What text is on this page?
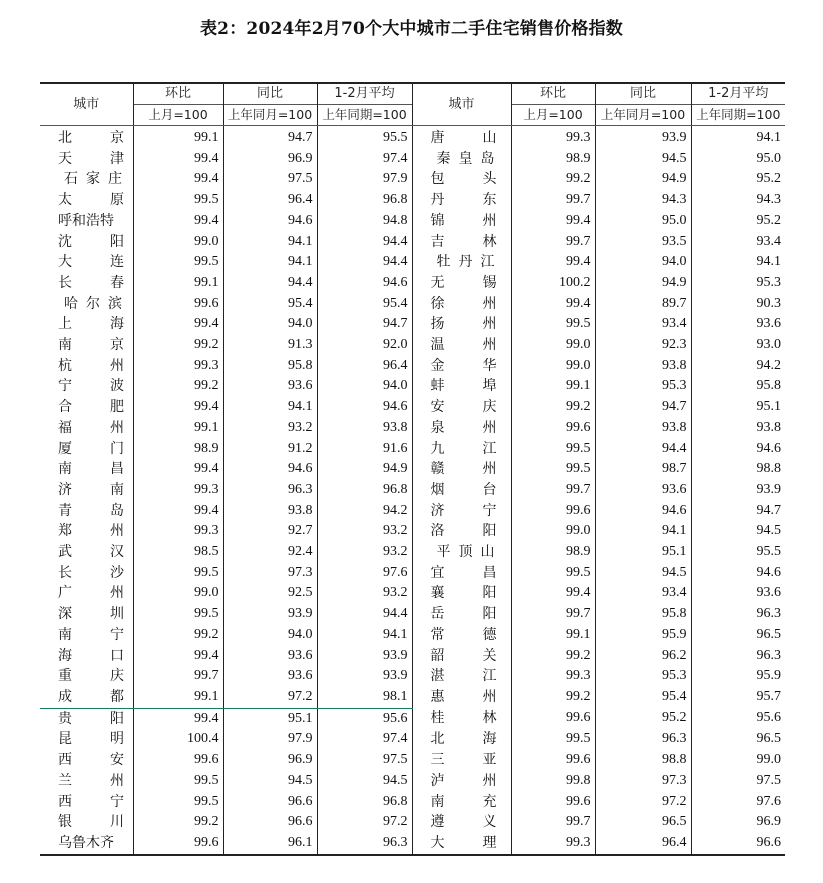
表2：2024年2月70个大中城市二手住宅销售价格指数
城市	环比	同比	1-2月平均	城市	环比	同比	1-2月平均
	上月=100	上年同月=100	上年同期=100		上月=100	上年同月=100	上年同期=100

北 京	99.1	94.7	95.5	唐 山	99.3	93.9	94.1

天 津	99.4	96.9	97.4	秦 皇 岛	98.9	94.5	95.0

石 家 庄	99.4	97.5	97.9	包 头	99.2	94.9	95.2

太 原	99.5	96.4	96.8	丹 东	99.7	94.3	94.3

呼 和 浩 特	99.4	94.6	94.8	锦 州	99.4	95.0	95.2

沈 阳	99.0	94.1	94.4	吉 林	99.7	93.5	93.4

大 连	99.5	94.1	94.4	牡 丹 江	99.4	94.0	94.1

长 春	99.1	94.4	94.6	无 锡	100.2	94.9	95.3

哈 尔 滨	99.6	95.4	95.4	徐 州	99.4	89.7	90.3

上 海	99.4	94.0	94.7	扬 州	99.5	93.4	93.6

南 京	99.2	91.3	92.0	温 州	99.0	92.3	93.0

杭 州	99.3	95.8	96.4	金 华	99.0	93.8	94.2

宁 波	99.2	93.6	94.0	蚌 埠	99.1	95.3	95.8

合 肥	99.4	94.1	94.6	安 庆	99.2	94.7	95.1

福 州	99.1	93.2	93.8	泉 州	99.6	93.8	93.8

厦 门	98.9	91.2	91.6	九 江	99.5	94.4	94.6

南 昌	99.4	94.6	94.9	赣 州	99.5	98.7	98.8

济 南	99.3	96.3	96.8	烟 台	99.7	93.6	93.9

青 岛	99.4	93.8	94.2	济 宁	99.6	94.6	94.7

郑 州	99.3	92.7	93.2	洛 阳	99.0	94.1	94.5

武 汉	98.5	92.4	93.2	平 顶 山	98.9	95.1	95.5

长 沙	99.5	97.3	97.6	宜 昌	99.5	94.5	94.6

广 州	99.0	92.5	93.2	襄 阳	99.4	93.4	93.6

深 圳	99.5	93.9	94.4	岳 阳	99.7	95.8	96.3

南 宁	99.2	94.0	94.1	常 德	99.1	95.9	96.5

海 口	99.4	93.6	93.9	韶 关	99.2	96.2	96.3

重 庆	99.7	93.6	93.9	湛 江	99.3	95.3	95.9

成 都	99.1	97.2	98.1	惠 州	99.2	95.4	95.7

贵 阳	99.4	95.1	95.6	桂 林	99.6	95.2	95.6

昆 明	100.4	97.9	97.4	北 海	99.5	96.3	96.5

西 安	99.6	96.9	97.5	三 亚	99.6	98.8	99.0

兰 州	99.5	94.5	94.5	泸 州	99.8	97.3	97.5

西 宁	99.5	96.6	96.8	南 充	99.6	97.2	97.6

银 川	99.2	96.6	97.2	遵 义	99.7	96.5	96.9

乌 鲁 木 齐	99.6	96.1	96.3	大 理	99.3	96.4	96.6
